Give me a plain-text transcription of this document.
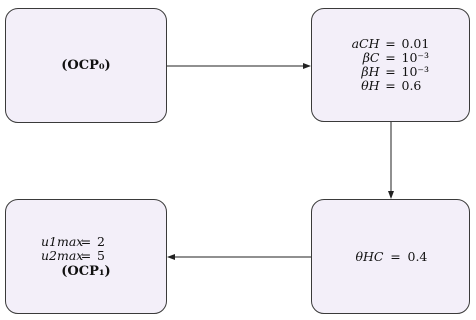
(OCP₀)
aCH = 0.01
βC = 10⁻³
βH = 10⁻³
θH = 0.6
θHC = 0.4
u1max
= 2
u2max
= 5
(OCP₁)
